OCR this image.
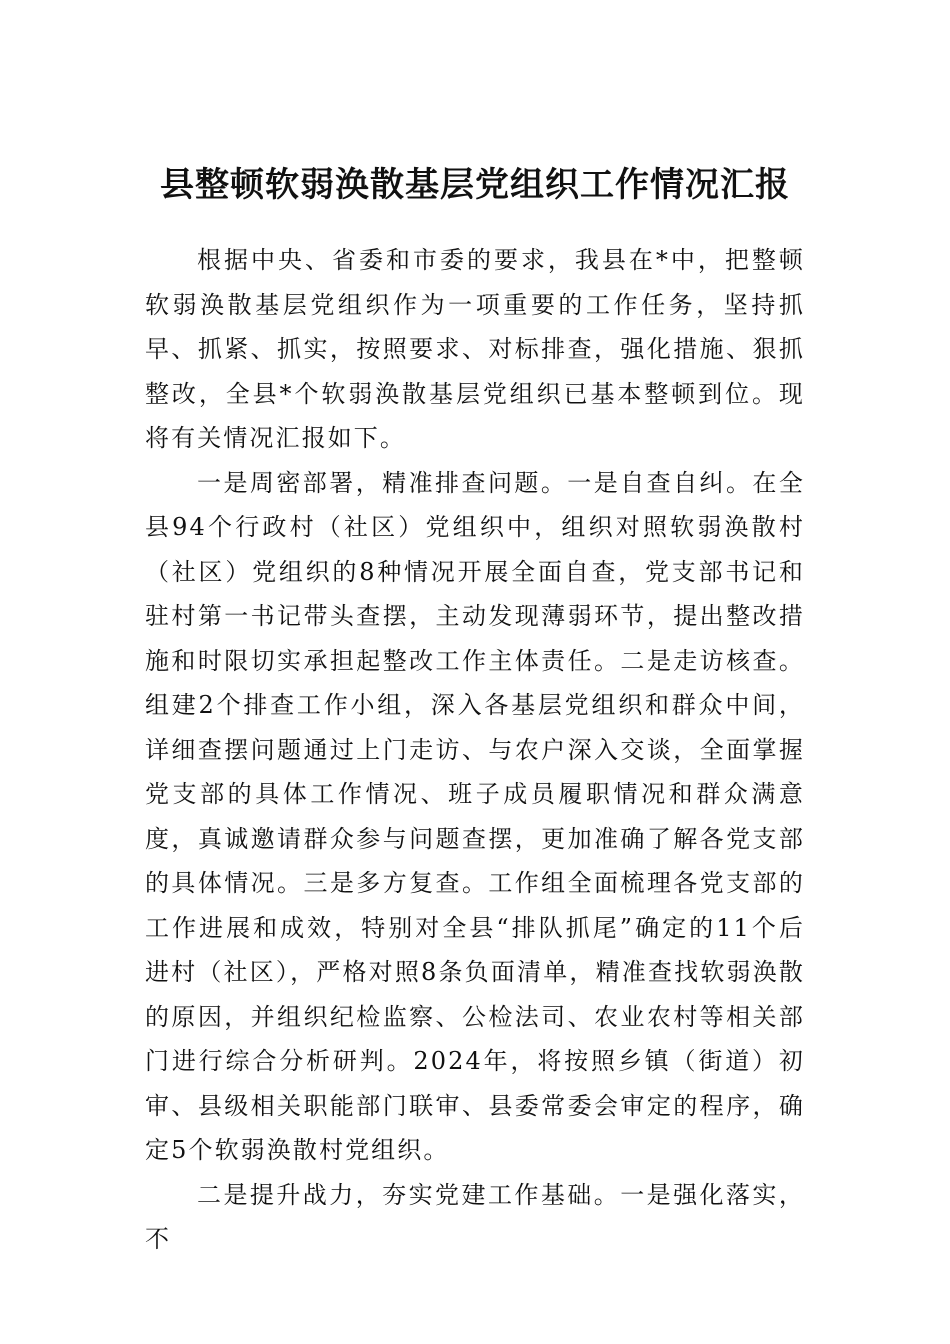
县整顿软弱涣散基层党组织工作情况汇报

根据中央、省委和市委的要求，我县在*中，把整顿软弱涣散基层党组织作为一项重要的工作任务，坚持抓早、抓紧、抓实，按照要求、对标排查，强化措施、狠抓整改，全县*个软弱涣散基层党组织已基本整顿到位。现将有关情况汇报如下。

一是周密部署，精准排查问题。一是自查自纠。在全县94个行政村（社区）党组织中，组织对照软弱涣散村（社区）党组织的8种情况开展全面自查，党支部书记和驻村第一书记带头查摆，主动发现薄弱环节，提出整改措施和时限切实承担起整改工作主体责任。二是走访核查。组建2个排查工作小组，深入各基层党组织和群众中间，详细查摆问题通过上门走访、与农户深入交谈，全面掌握党支部的具体工作情况、班子成员履职情况和群众满意度，真诚邀请群众参与问题查摆，更加准确了解各党支部的具体情况。三是多方复查。工作组全面梳理各党支部的工作进展和成效，特别对全县“排队抓尾”确定的11个后进村（社区），严格对照8条负面清单，精准查找软弱涣散的原因，并组织纪检监察、公检法司、农业农村等相关部门进行综合分析研判。2024年，将按照乡镇（街道）初审、县级相关职能部门联审、县委常委会审定的程序，确定5个软弱涣散村党组织。

二是提升战力，夯实党建工作基础。一是强化落实，不
